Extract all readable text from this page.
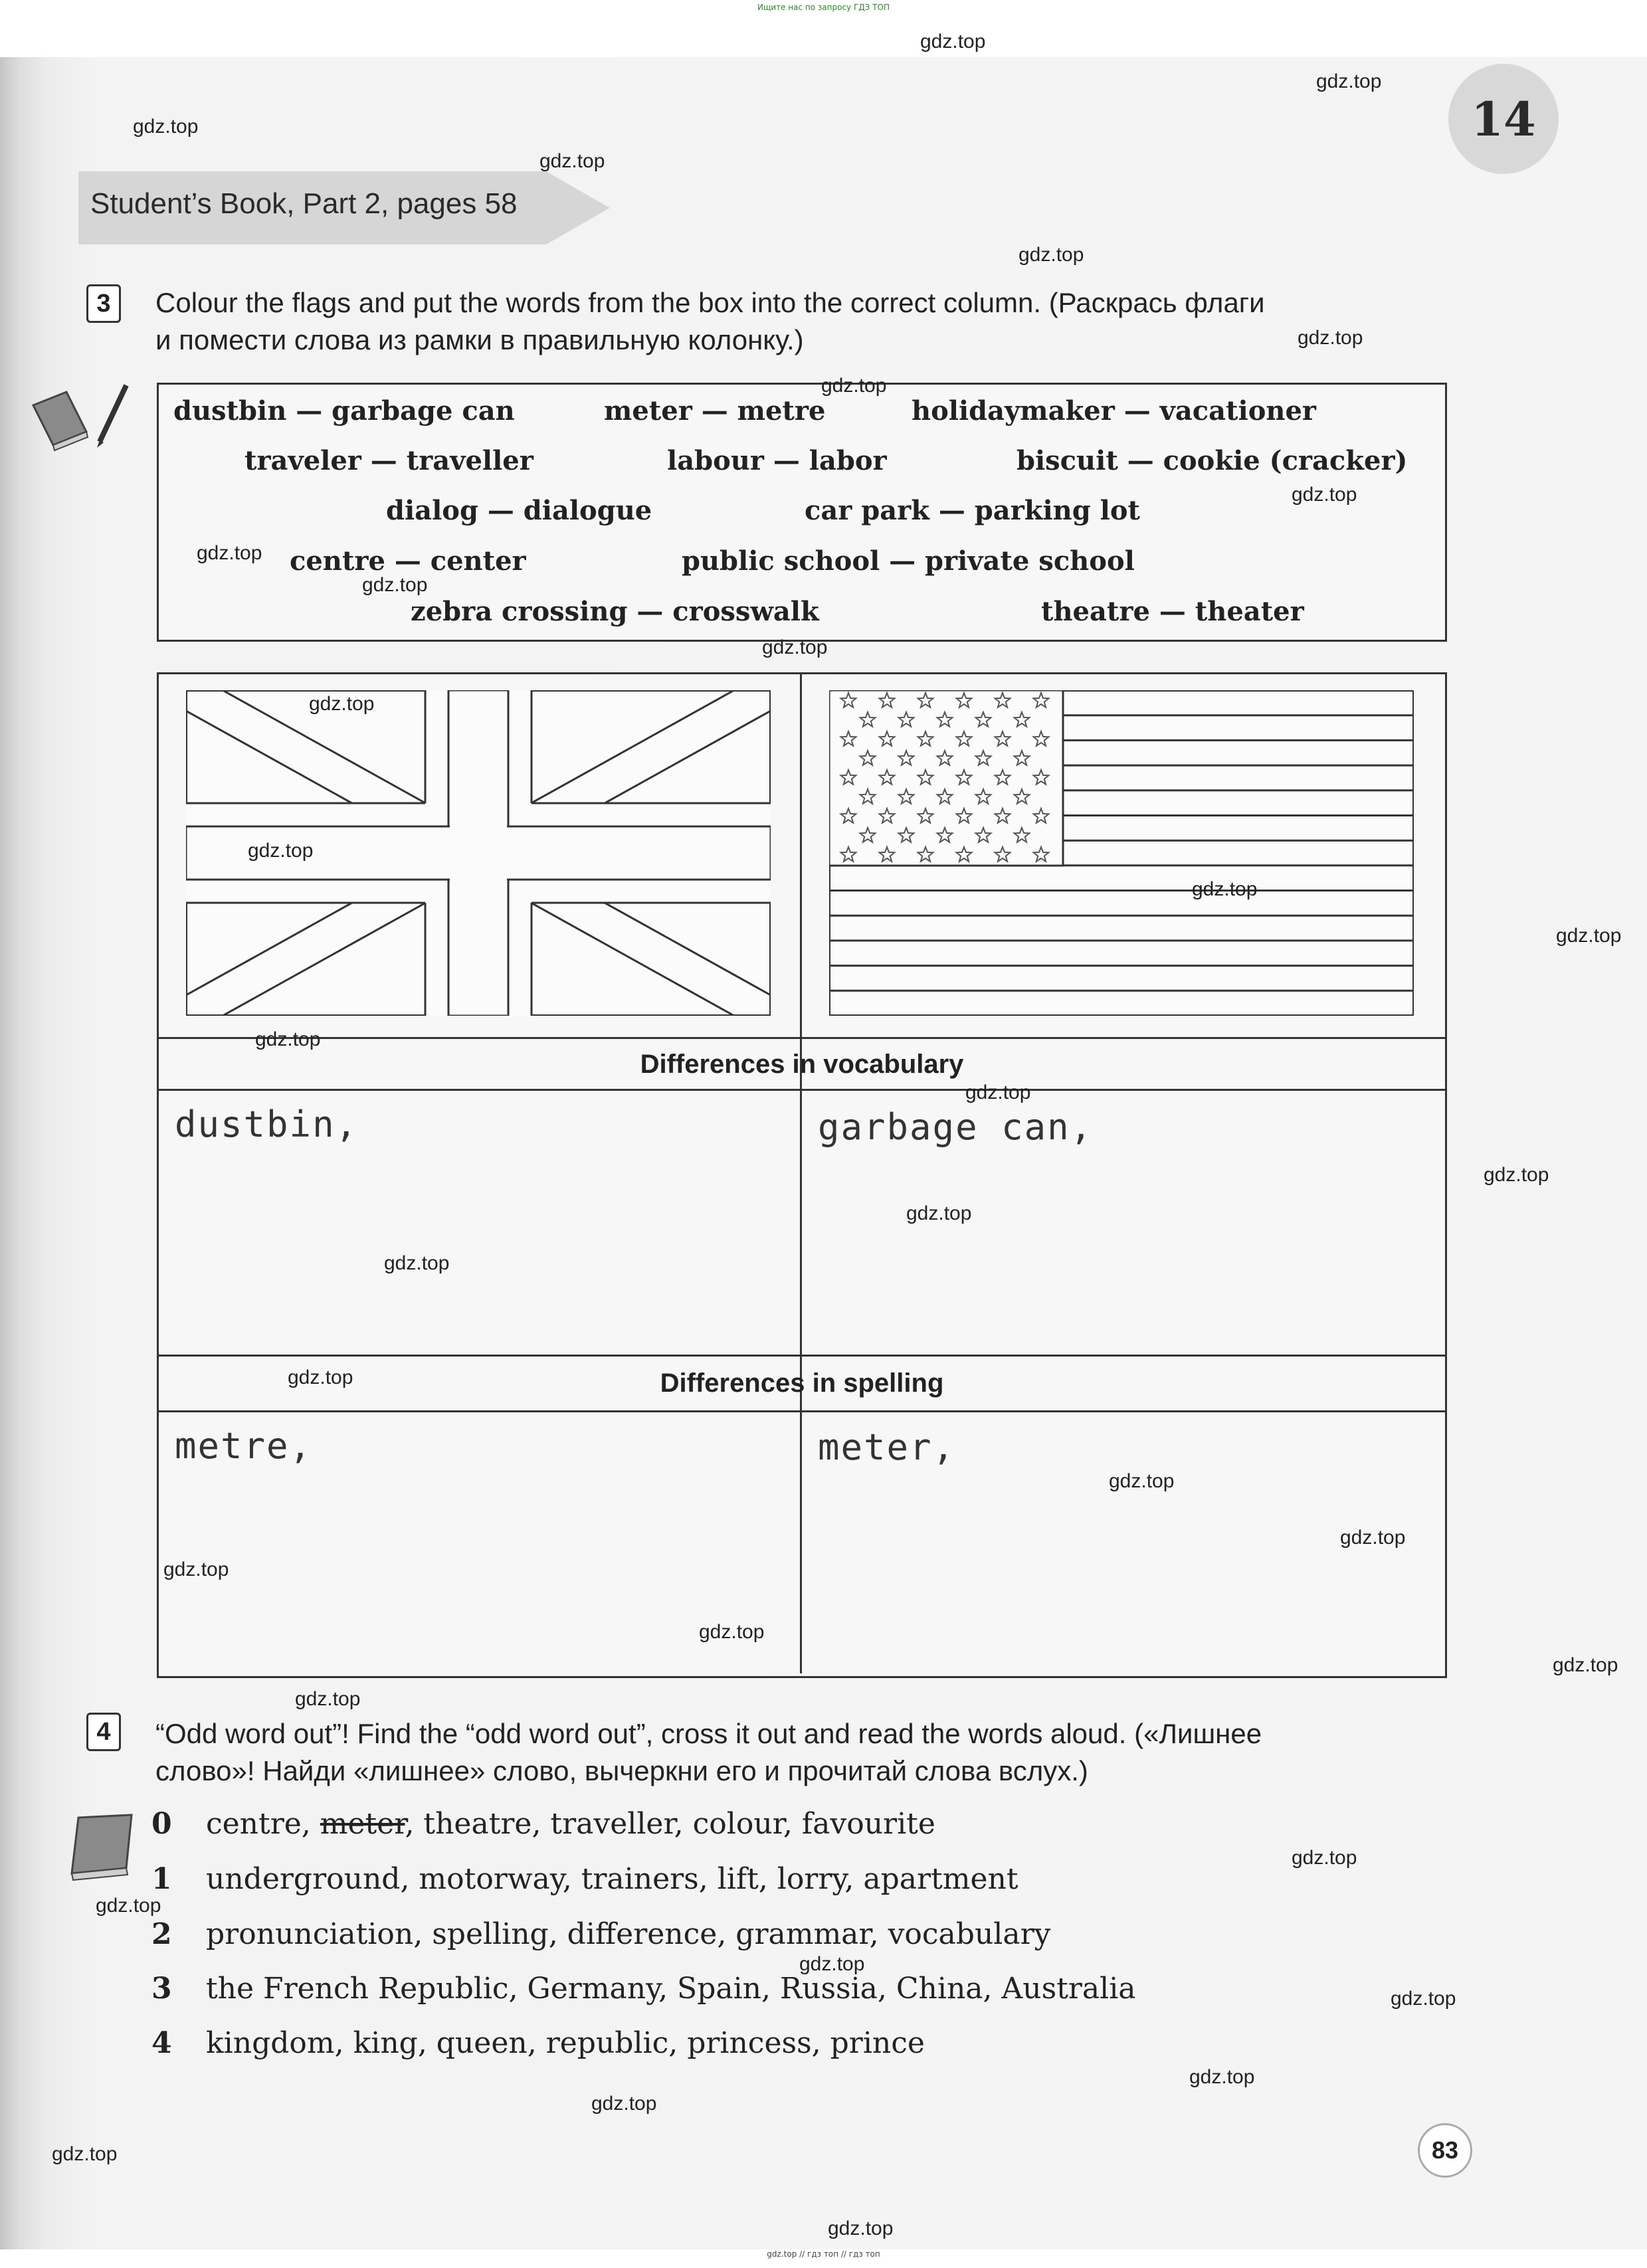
Ищите нас по запросу ГДЗ ТОП
14
Student’s Book, Part 2, pages 58
3	Colour the flags and put the words from the box into the correct column. (Раскрась флаги
и помести слова из рамки в правильную колонку.)
dustbin — garbage can	meter — metre	holidaymaker — vacationer
traveler — traveller	labour — labor	biscuit — cookie (cracker)
dialog — dialogue	car park — parking lot
centre — center	public school — private school
zebra crossing — crosswalk	theatre — theater
Differences in vocabulary
dustbin,	garbage can,
Differences in spelling
metre,	meter,
4	“Odd word out”! Find the “odd word out”, cross it out and read the words aloud. («Лишнее
слово»! Найди «лишнее» слово, вычеркни его и прочитай слова вслух.)
0 centre, meter, theatre, traveller, colour, favourite
1 underground, motorway, trainers, lift, lorry, apartment
2 pronunciation, spelling, difference, grammar, vocabulary
3 the French Republic, Germany, Spain, Russia, China, Australia
4 kingdom, king, queen, republic, princess, prince
83
gdz.top
gdz.top
gdz.top
gdz.top
gdz.top
gdz.top
gdz.top
gdz.top
gdz.top
gdz.top
gdz.top
gdz.top
gdz.top
gdz.top
gdz.top
gdz.top
gdz.top
gdz.top
gdz.top
gdz.top
gdz.top
gdz.top
gdz.top
gdz.top
gdz.top
gdz.top
gdz.top
gdz.top
gdz.top
gdz.top
gdz.top
gdz.top // гдз топ // гдз топ
gdz.top
gdz.top
gdz.top
gdz.top
